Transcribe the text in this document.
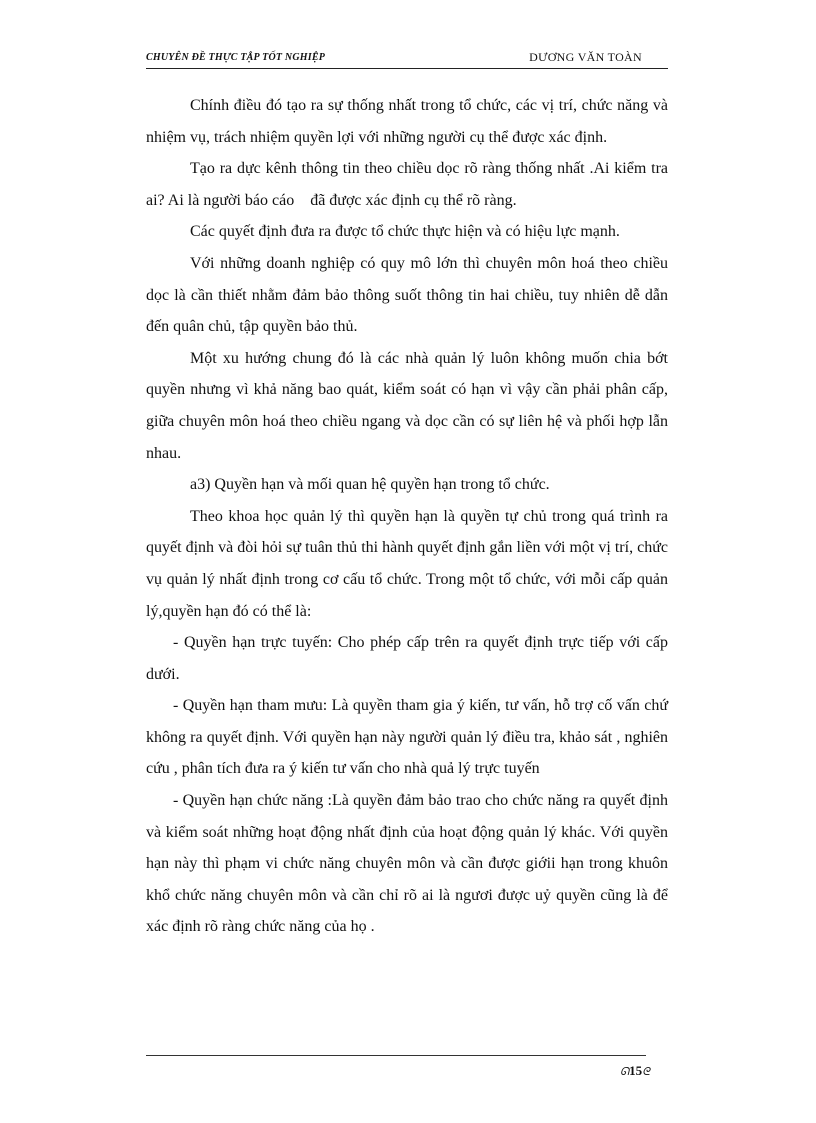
CHUYÊN ĐỀ THỰC TẬP TỐT NGHIỆP	DƯƠNG VĂN TOÀN

Chính điều đó tạo ra sự thống nhất trong tổ chức, các vị trí, chức năng và nhiệm vụ, trách nhiệm quyền lợi với những người cụ thể được xác định.

Tạo ra dực kênh thông tin theo chiều dọc rõ ràng thống nhất .Ai kiểm tra ai? Ai là người báo cáo    đã được xác định cụ thể rõ ràng.

Các quyết định đưa ra được tổ chức thực hiện và có hiệu lực mạnh.

Với những doanh nghiệp có quy mô lớn thì chuyên môn hoá theo chiều dọc là cần thiết nhằm đảm bảo thông suốt thông tin hai chiều, tuy nhiên dễ dẫn đến quân chủ, tập quyền bảo thủ.

Một xu hướng chung đó là các nhà quản lý luôn không muốn chia bớt quyền nhưng vì khả năng bao quát, kiểm soát có hạn vì vậy cần phải phân cấp, giữa chuyên môn hoá theo chiều ngang và dọc cần có sự liên hệ và phối hợp lẫn nhau.

a3) Quyền hạn và mối quan hệ quyền hạn trong tổ chức.

Theo khoa học quản lý thì quyền hạn là quyền tự chủ trong quá trình ra quyết định và đòi hỏi sự tuân thủ thi hành quyết định gắn liền với một vị trí, chức vụ quản lý nhất định trong cơ cấu tổ chức. Trong một tổ chức, với mỗi cấp quản lý,quyền hạn đó có thể là:

- Quyền hạn trực tuyến: Cho phép cấp trên ra quyết định trực tiếp với cấp dưới.

- Quyền hạn tham mưu: Là quyền tham gia ý kiến, tư vấn, hỗ trợ cố vấn chứ không ra quyết định. Với quyền hạn này người quản lý điều tra, khảo sát , nghiên cứu , phân tích đưa ra ý kiến tư vấn cho nhà quả lý trực tuyến

- Quyền hạn chức năng :Là quyền đảm bảo trao cho chức năng ra quyết định và kiểm soát những hoạt động nhất định của hoạt động quản lý khác. Với quyền hạn này thì phạm vi chức năng chuyên môn và cần được giớii hạn trong khuôn khổ chức năng chuyên môn và cần chỉ rõ ai là ngươi được uỷ quyền cũng là để xác định rõ ràng chức năng của họ .

ᘏ15ᘓ
